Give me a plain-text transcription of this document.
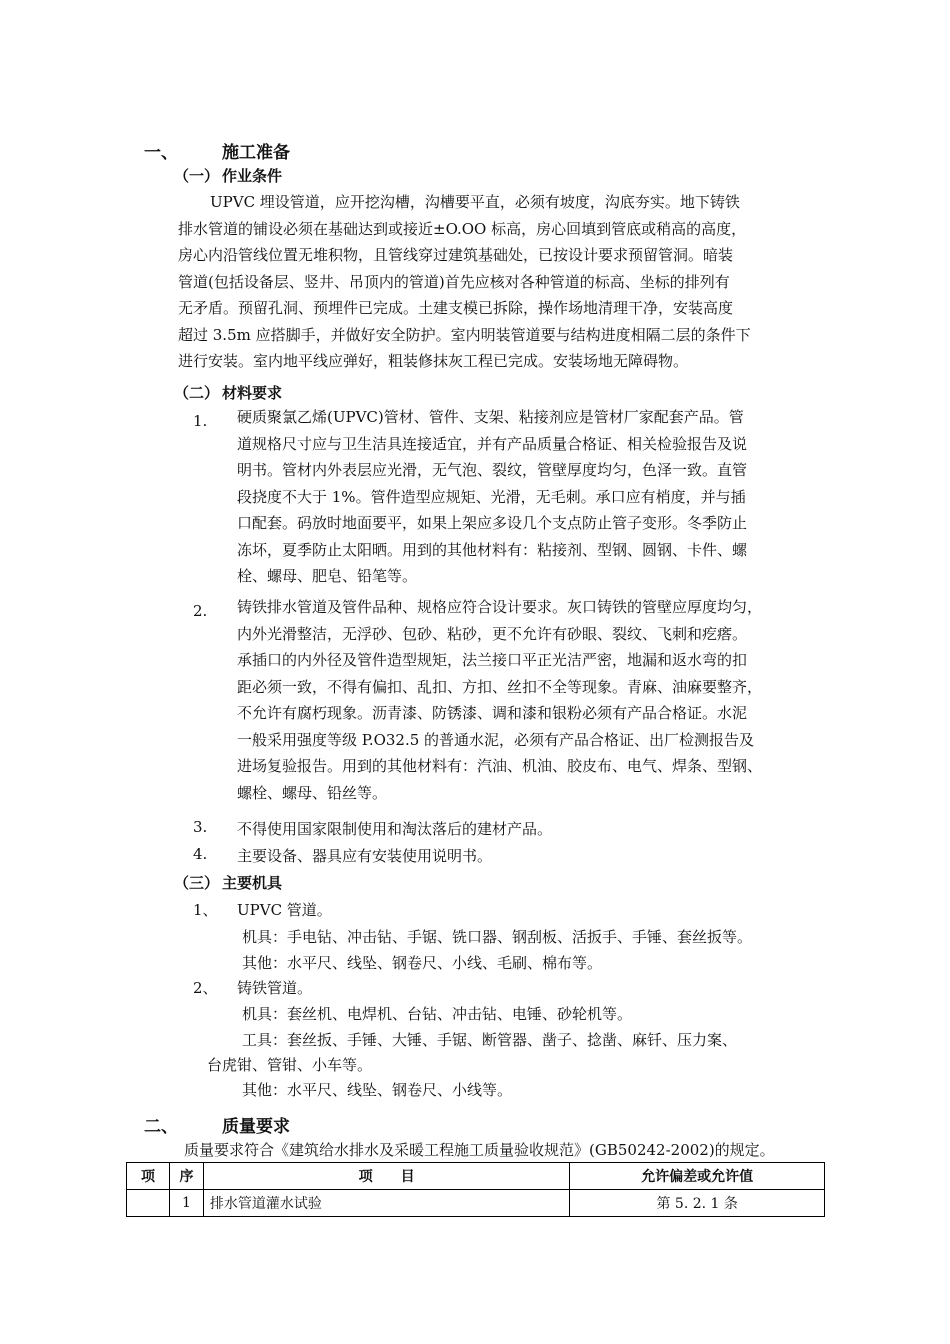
一、	施工准备
（一） 作业条件
UPVC 埋设管道，应开挖沟槽，沟槽要平直，必须有坡度，沟底夯实。地下铸铁
排水管道的铺设必须在基础达到或接近±O.OO 标高，房心回填到管底或稍高的高度，
房心内沿管线位置无堆积物，且管线穿过建筑基础处，已按设计要求预留管洞。暗装
管道(包括设备层、竖井、吊顶内的管道)首先应核对各种管道的标高、坐标的排列有
无矛盾。预留孔洞、预埋件已完成。土建支模已拆除，操作场地清理干净，安装高度
超过 3.5m 应搭脚手，并做好安全防护。室内明装管道要与结构进度相隔二层的条件下
进行安装。室内地平线应弹好，粗装修抹灰工程已完成。安装场地无障碍物。
（二） 材料要求
1. 硬质聚氯乙烯(UPVC)管材、管件、支架、粘接剂应是管材厂家配套产品。管
道规格尺寸应与卫生洁具连接适宜，并有产品质量合格证、相关检验报告及说
明书。管材内外表层应光滑，无气泡、裂纹，管壁厚度均匀，色泽一致。直管
段挠度不大于 1%。管件造型应规矩、光滑，无毛刺。承口应有梢度，并与插
口配套。码放时地面要平，如果上架应多设几个支点防止管子变形。冬季防止
冻坏，夏季防止太阳晒。用到的其他材料有：粘接剂、型钢、圆钢、卡件、螺
栓、螺母、肥皂、铅笔等。
2. 铸铁排水管道及管件品种、规格应符合设计要求。灰口铸铁的管壁应厚度均匀，
内外光滑整洁，无浮砂、包砂、粘砂，更不允许有砂眼、裂纹、飞刺和疙瘩。
承插口的内外径及管件造型规矩，法兰接口平正光洁严密，地漏和返水弯的扣
距必须一致，不得有偏扣、乱扣、方扣、丝扣不全等现象。青麻、油麻要整齐，
不允许有腐朽现象。沥青漆、防锈漆、调和漆和银粉必须有产品合格证。水泥
一般采用强度等级 P.O32.5 的普通水泥，必须有产品合格证、出厂检测报告及
进场复验报告。用到的其他材料有：汽油、机油、胶皮布、电气、焊条、型钢、
螺栓、螺母、铅丝等。
3. 不得使用国家限制使用和淘汰落后的建材产品。
4. 主要设备、器具应有安装使用说明书。
（三） 主要机具
1、 UPVC 管道。
机具：手电钻、冲击钻、手锯、铣口器、钢刮板、活扳手、手锤、套丝扳等。
其他：水平尺、线坠、钢卷尺、小线、毛刷、棉布等。
2、 铸铁管道。
机具：套丝机、电焊机、台钻、冲击钻、电锤、砂轮机等。
工具：套丝扳、手锤、大锤、手锯、断管器、凿子、捻凿、麻钎、压力案、
台虎钳、管钳、小车等。
其他：水平尺、线坠、钢卷尺、小线等。
二、	质量要求
质量要求符合《建筑给水排水及采暖工程施工质量验收规范》(GB50242-2002)的规定。
项	序	项　　目	允许偏差或允许值
	1	排水管道灌水试验	第 5. 2. 1 条
